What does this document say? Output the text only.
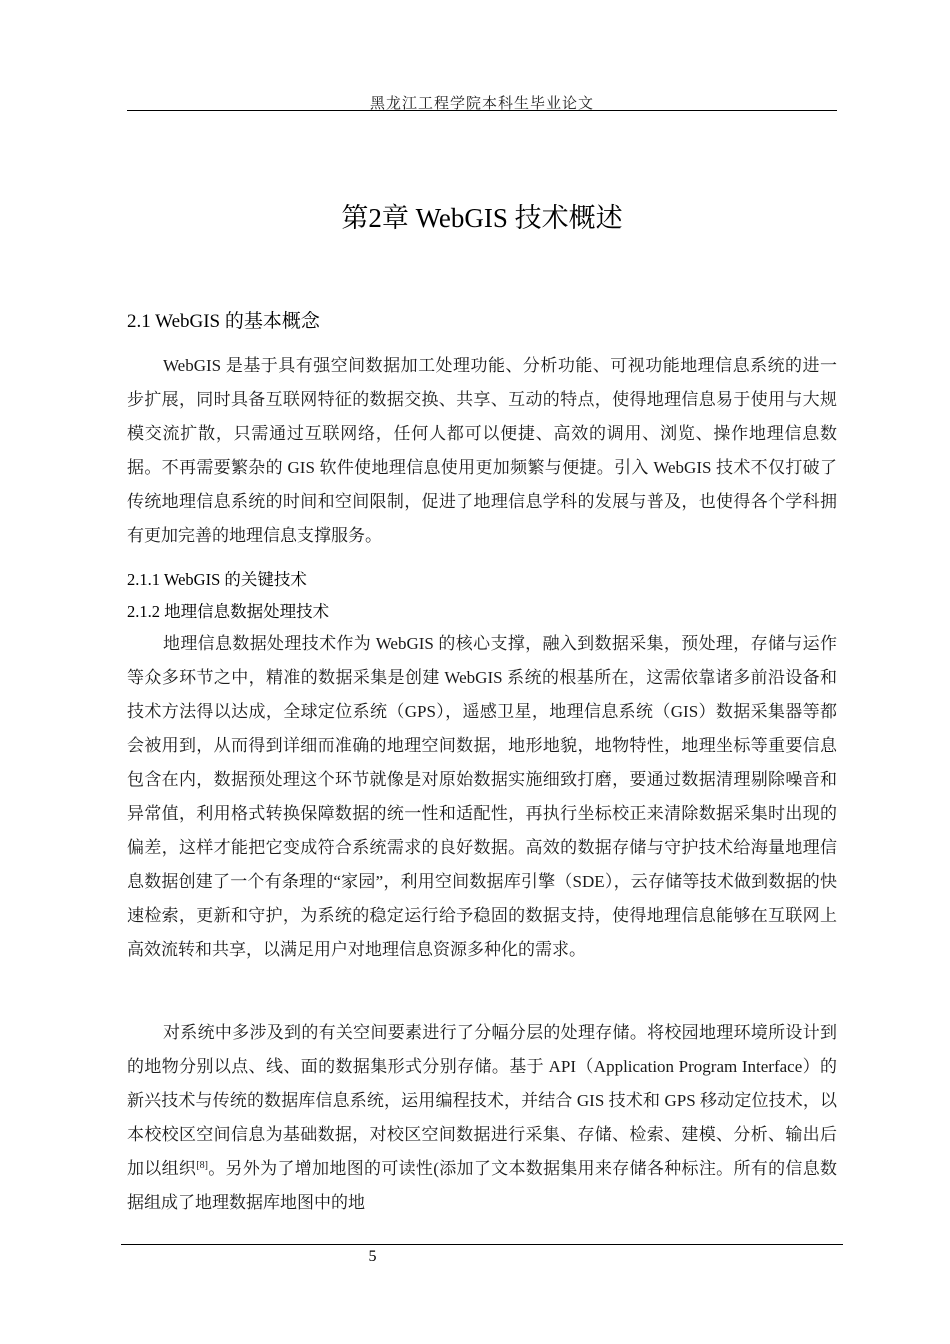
黑龙江工程学院本科生毕业论文
第2章 WebGIS 技术概述
2.1 WebGIS 的基本概念

WebGIS 是基于具有强空间数据加工处理功能、分析功能、可视功能地理信息系统的进一步扩展，同时具备互联网特征的数据交换、共享、互动的特点，使得地理信息易于使用与大规模交流扩散，只需通过互联网络，任何人都可以便捷、高效的调用、浏览、操作地理信息数据。不再需要繁杂的 GIS 软件使地理信息使用更加频繁与便捷。引入 WebGIS 技术不仅打破了传统地理信息系统的时间和空间限制，促进了地理信息学科的发展与普及，也使得各个学科拥有更加完善的地理信息支撑服务。

2.1.1 WebGIS 的关键技术
2.1.2 地理信息数据处理技术

地理信息数据处理技术作为 WebGIS 的核心支撑，融入到数据采集，预处理，存储与运作等众多环节之中，精准的数据采集是创建 WebGIS 系统的根基所在，这需依靠诸多前沿设备和技术方法得以达成，全球定位系统（GPS），遥感卫星，地理信息系统（GIS）数据采集器等都会被用到，从而得到详细而准确的地理空间数据，地形地貌，地物特性，地理坐标等重要信息包含在内，数据预处理这个环节就像是对原始数据实施细致打磨，要通过数据清理剔除噪音和异常值，利用格式转换保障数据的统一性和适配性，再执行坐标校正来清除数据采集时出现的偏差，这样才能把它变成符合系统需求的良好数据。高效的数据存储与守护技术给海量地理信息数据创建了一个有条理的“家园”，利用空间数据库引擎（SDE），云存储等技术做到数据的快速检索，更新和守护，为系统的稳定运行给予稳固的数据支持，使得地理信息能够在互联网上高效流转和共享，以满足用户对地理信息资源多种化的需求。

对系统中多涉及到的有关空间要素进行了分幅分层的处理存储。将校园地理环境所设计到的地物分别以点、线、面的数据集形式分别存储。基于 API（Application Program Interface）的新兴技术与传统的数据库信息系统，运用编程技术，并结合 GIS 技术和 GPS 移动定位技术，以本校校区空间信息为基础数据，对校区空间数据进行采集、存储、检索、建模、分析、输出后加以组织[8]。另外为了增加地图的可读性(添加了文本数据集用来存储各种标注。所有的信息数据组成了地理数据库地图中的地

5
